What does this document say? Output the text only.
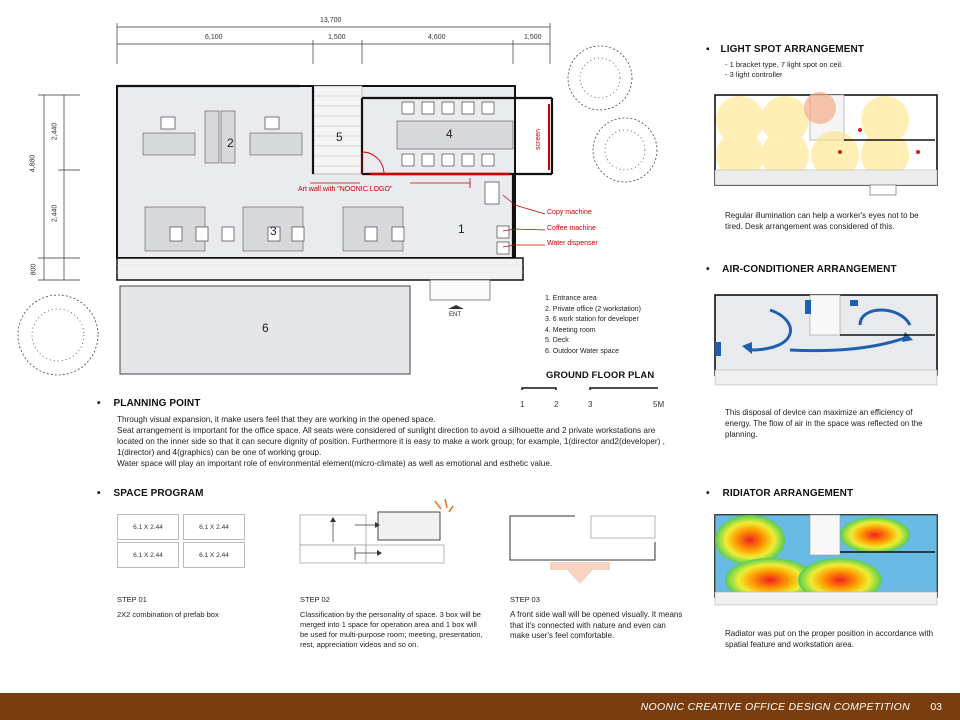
13,700
6,100	1,500	4,600	1,500
4,880
2,440
2,440
800
1
2
3
4
5
6
screen
Art wall with "NOONIC LOGO"
Copy machine
Coffee machine
Water dispenser
ENT
1. Entrance area
2. Private office (2 workstation)
3. 6 work station for developer
4. Meeting room
5. Deck
6. Outdoor Water space
GROUND FLOOR PLAN
1	2	3	5M
• PLANNING POINT

Through visual expansion, it make users feel that they are working in the opened space.

Seat arrangement is important for the office space. All seats were considered of sunlight direction to avoid a silhouette and 2 private workstations are located on the inner side so that it can secure dignity of position. Furthermore it is easy to make a work group; for example, 1(director and2(developer) , 1(director) and 4(graphics) can be one of working group.

Water space will play an important role of environmental element(micro-climate) as well as emotional and esthetic value.

• SPACE PROGRAM
6.1 X 2.44	6.1 X 2.44
6.1 X 2.44	6.1 X 2.44
STEP 01
2X2 combination of prefab box
STEP 02
Classification by the personality of space. 3 box will be merged into 1 space for operation area and 1 box will be used for multi-purpose room; meeting, presentation, rest, appreciation videos and so on.
STEP 03
A front side wall will be opened visually. It means that it's connected with nature and even can make user's feel comfortable.
▪ LIGHT SPOT ARRANGEMENT
- 1 bracket type, 7 light spot on ceil.
- 3 light controller
Regular illumination can help a worker's eyes not to be tired. Desk arrangement was considered of this.
• AIR-CONDITIONER ARRANGEMENT
This disposal of device can maximize an efficiency of energy. The flow of air in the space was reflected on the planning.
• RIDIATOR ARRANGEMENT
Radiator was put on the proper position in accordance with spatial feature and workstation area.
NOONIC CREATIVE OFFICE DESIGN COMPETITION 03
